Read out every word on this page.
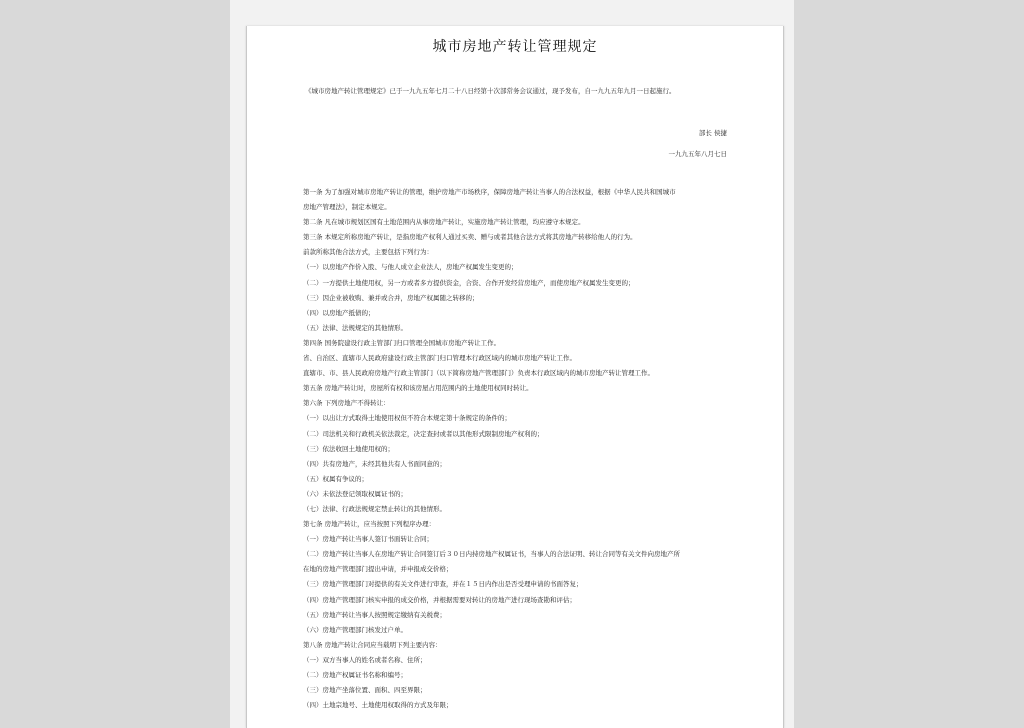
城市房地产转让管理规定
《城市房地产转让管理规定》已于一九九五年七月二十八日经第十次部常务会议通过，现予发布，自一九九五年九月一日起施行。
部长 侯捷
一九九五年八月七日
第一条 为了加强对城市房地产转让的管理，维护房地产市场秩序，保障房地产转让当事人的合法权益，根据《中华人民共和国城市
房地产管理法》，制定本规定。
第二条 凡在城市规划区国有土地范围内从事房地产转让，实施房地产转让管理，均应遵守本规定。
第三条 本规定所称房地产转让，是指房地产权利人通过买卖、赠与或者其他合法方式将其房地产转移给他人的行为。
前款所称其他合法方式，主要包括下列行为：
（一）以房地产作价入股、与他人成立企业法人，房地产权属发生变更的；
（二）一方提供土地使用权，另一方或者多方提供资金，合资、合作开发经营房地产，而使房地产权属发生变更的；
（三）因企业被收购、兼并或合并，房地产权属随之转移的；
（四）以房地产抵债的；
（五）法律、法规规定的其他情形。
第四条 国务院建设行政主管部门归口管理全国城市房地产转让工作。
省、自治区、直辖市人民政府建设行政主管部门归口管理本行政区域内的城市房地产转让工作。
直辖市、市、县人民政府房地产行政主管部门（以下简称房地产管理部门）负责本行政区域内的城市房地产转让管理工作。
第五条 房地产转让时，房屋所有权和该房屋占用范围内的土地使用权同时转让。
第六条 下列房地产不得转让：
（一）以出让方式取得土地使用权但不符合本规定第十条规定的条件的；
（二）司法机关和行政机关依法裁定，决定查封或者以其他形式限制房地产权利的；
（三）依法收回土地使用权的；
（四）共有房地产，未经其他共有人书面同意的；
（五）权属有争议的；
（六）未依法登记领取权属证书的；
（七）法律、行政法规规定禁止转让的其他情形。
第七条 房地产转让，应当按照下列程序办理：
（一）房地产转让当事人签订书面转让合同；
（二）房地产转让当事人在房地产转让合同签订后３０日内持房地产权属证书，当事人的合法证明、转让合同等有关文件向房地产所
在地的房地产管理部门提出申请，并申报成交价格；
（三）房地产管理部门对提供的有关文件进行审查，并在１５日内作出是否受理申请的书面答复；
（四）房地产管理部门核实申报的成交价格，并根据需要对转让的房地产进行现场查勘和评估；
（五）房地产转让当事人按照规定缴纳有关税费；
（六）房地产管理部门核发过户单。
第八条 房地产转让合同应当载明下列主要内容：
（一）双方当事人的姓名或者名称、住所；
（二）房地产权属证书名称和编号；
（三）房地产坐落位置、面积、四至界限；
（四）土地宗地号、土地使用权取得的方式及年限；
